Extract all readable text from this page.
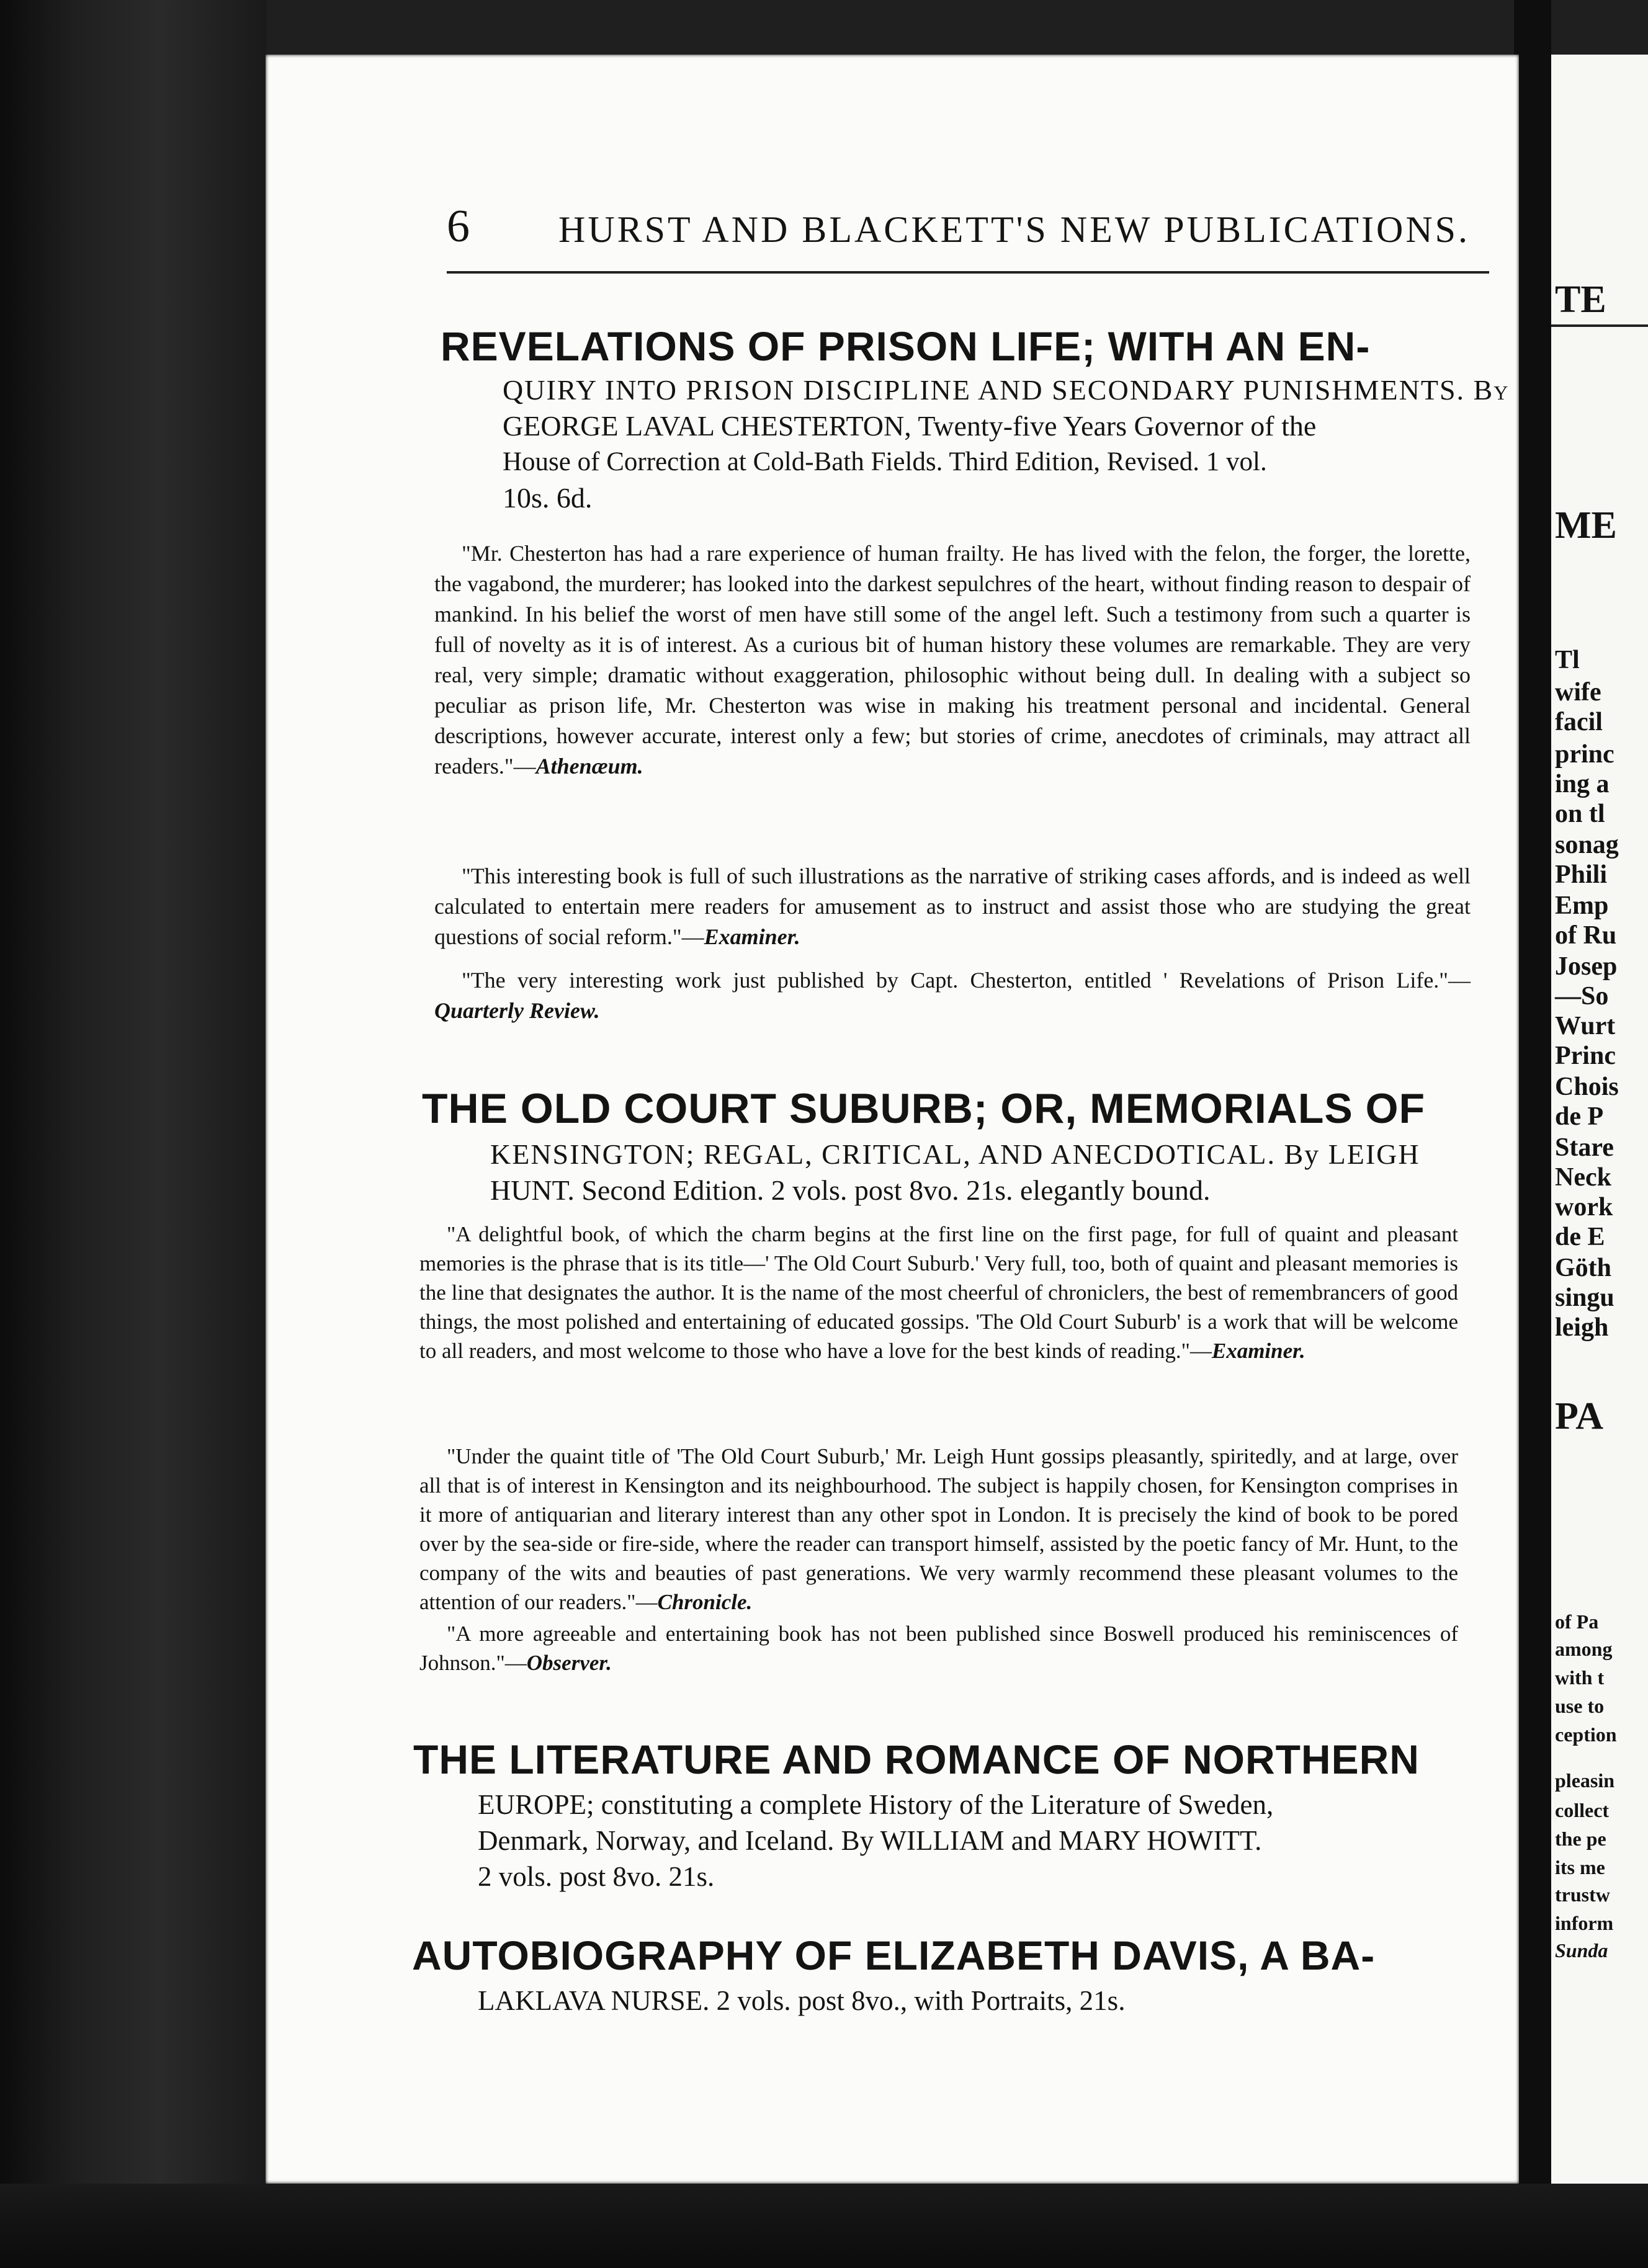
6 HURST AND BLACKETT'S NEW PUBLICATIONS.
REVELATIONS OF PRISON LIFE; WITH AN EN-
QUIRY INTO PRISON DISCIPLINE AND SECONDARY PUNISHMENTS. By
GEORGE LAVAL CHESTERTON, Twenty-five Years Governor of the
House of Correction at Cold-Bath Fields. Third Edition, Revised. 1 vol.
10s. 6d.
"Mr. Chesterton has had a rare experience of human frailty. He has lived with the felon, the forger, the lorette, the vagabond, the murderer; has looked into the darkest sepulchres of the heart, without finding reason to despair of mankind. In his belief the worst of men have still some of the angel left. Such a testimony from such a quarter is full of novelty as it is of interest. As a curious bit of human history these volumes are remarkable. They are very real, very simple; dramatic without exaggeration, philosophic without being dull. In dealing with a subject so peculiar as prison life, Mr. Chesterton was wise in making his treatment personal and incidental. General descriptions, however accurate, interest only a few; but stories of crime, anecdotes of criminals, may attract all readers."—Athenæum.
"This interesting book is full of such illustrations as the narrative of striking cases affords, and is indeed as well calculated to entertain mere readers for amusement as to instruct and assist those who are studying the great questions of social reform."—Examiner.
"The very interesting work just published by Capt. Chesterton, entitled ' Revelations of Prison Life."—Quarterly Review.
THE OLD COURT SUBURB; OR, MEMORIALS OF
KENSINGTON; REGAL, CRITICAL, AND ANECDOTICAL. By LEIGH
HUNT. Second Edition. 2 vols. post 8vo. 21s. elegantly bound.
"A delightful book, of which the charm begins at the first line on the first page, for full of quaint and pleasant memories is the phrase that is its title—' The Old Court Suburb.' Very full, too, both of quaint and pleasant memories is the line that designates the author. It is the name of the most cheerful of chroniclers, the best of remembrancers of good things, the most polished and entertaining of educated gossips. 'The Old Court Suburb' is a work that will be welcome to all readers, and most welcome to those who have a love for the best kinds of reading."—Examiner.
"Under the quaint title of 'The Old Court Suburb,' Mr. Leigh Hunt gossips pleasantly, spiritedly, and at large, over all that is of interest in Kensington and its neighbourhood. The subject is happily chosen, for Kensington comprises in it more of antiquarian and literary interest than any other spot in London. It is precisely the kind of book to be pored over by the sea-side or fire-side, where the reader can transport himself, assisted by the poetic fancy of Mr. Hunt, to the company of the wits and beauties of past generations. We very warmly recommend these pleasant volumes to the attention of our readers."—Chronicle.
"A more agreeable and entertaining book has not been published since Boswell produced his reminiscences of Johnson."—Observer.
THE LITERATURE AND ROMANCE OF NORTHERN
EUROPE; constituting a complete History of the Literature of Sweden,
Denmark, Norway, and Iceland. By WILLIAM and MARY HOWITT.
2 vols. post 8vo. 21s.
AUTOBIOGRAPHY OF ELIZABETH DAVIS, A BA-
LAKLAVA NURSE. 2 vols. post 8vo., with Portraits, 21s.
TE
ME
Tl
wife
facil
princ
ing a
on tl
sonag
Phili
Emp
of Ru
Josep
—So
Wurt
Princ
Chois
de P
Stare
Neck
work
de E
Göth
singu
leigh
PA
of Pa
among
with t
use to
ception
pleasin
collect
the pe
its me
trustw
inform
Sunda
